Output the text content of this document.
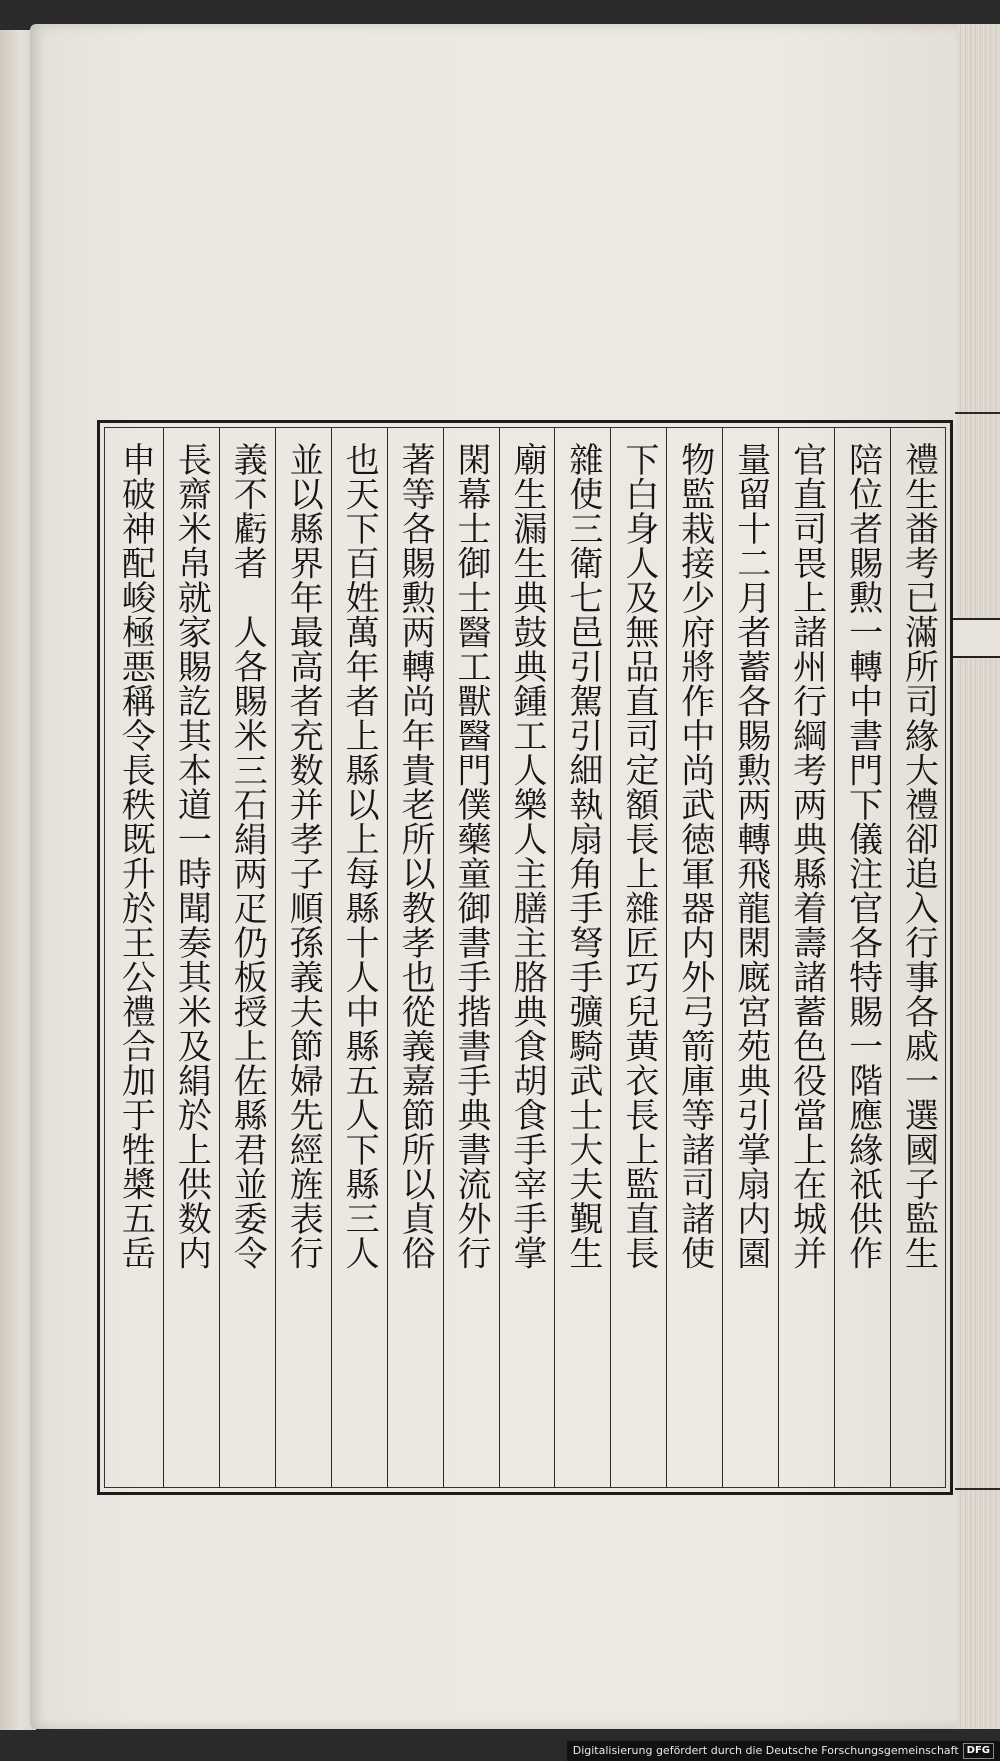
禮生畨考已滿所司緣大禮卻追入行事各戚一選國子監生
陪位者賜勲一轉中書門下儀注官各特賜一階應緣祇供作
官直司畏上諸州行綱考两典縣着壽諸蓄色役當上在城并
量留十二月者蓄各賜勲两轉飛龍閑廐宮苑典引掌扇内園
物監栽接少府將作中尚武徳軍器内外弓箭庫等諸司諸使
下白身人及無品直司定額長上雜匠巧兒黄衣長上監直長
雜使三衛七邑引駕引細執扇角手弩手彍騎武士大夫覲生
廟生漏生典鼓典鍾工人樂人主膳主胳典食胡食手宰手掌
閑幕士御士醫工獸醫門僕藥童御書手揩書手典書流外行
著等各賜勲两轉尚年貴老所以教孝也從義嘉節所以貞俗
也天下百姓萬年者上縣以上每縣十人中縣五人下縣三人
並以縣界年最高者充数并孝子順孫義夫節婦先經旌表行
義不虧者　人各賜米三石絹两疋仍板授上佐縣君並委令
長齋米帛就家賜訖其本道一時聞奏其米及絹於上供数内
申破神配峻極悪稱令長秩既升於王公禮合加于牲槳五岳
Digitalisierung gefördert durch die Deutsche Forschungsgemeinschaft DFG
